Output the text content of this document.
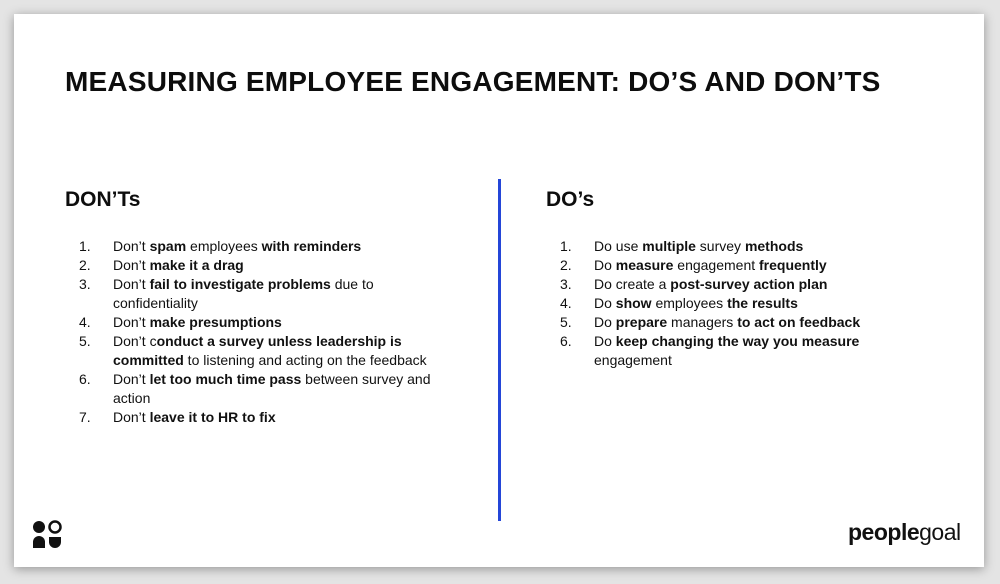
MEASURING EMPLOYEE ENGAGEMENT: DO’S AND DON’TS
DON’Ts	DO’s
1. Don’t spam employees with reminders
2. Don’t make it a drag
3. Don’t fail to investigate problems due to confidentiality
4. Don’t make presumptions
5. Don’t conduct a survey unless leadership is committed to listening and acting on the feedback
6. Don’t let too much time pass between survey and action
7. Don’t leave it to HR to fix
1. Do use multiple survey methods
2. Do measure engagement frequently
3. Do create a post-survey action plan
4. Do show employees the results
5. Do prepare managers to act on feedback
6. Do keep changing the way you measure engagement
peoplegoal
